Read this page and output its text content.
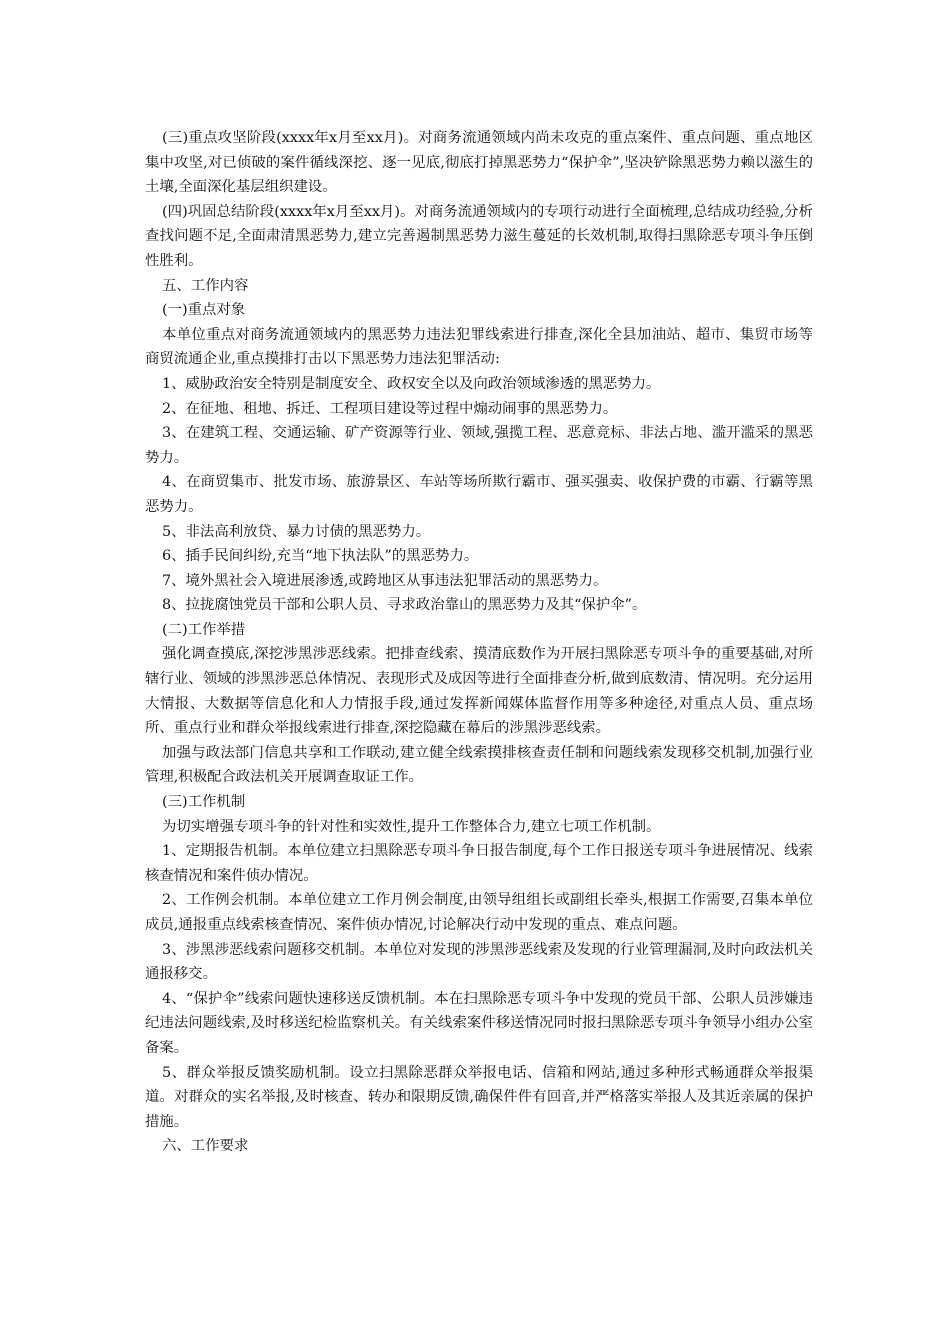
(三)重点攻坚阶段(xxxx年x月至xx月)。对商务流通领域内尚未攻克的重点案件、重点问题、重点地区集中攻坚,对已侦破的案件循线深挖、逐一见底,彻底打掉黑恶势力“保护伞”,坚决铲除黑恶势力赖以滋生的土壤,全面深化基层组织建设。

(四)巩固总结阶段(xxxx年x月至xx月)。对商务流通领域内的专项行动进行全面梳理,总结成功经验,分析查找问题不足,全面肃清黑恶势力,建立完善遏制黑恶势力滋生蔓延的长效机制,取得扫黑除恶专项斗争压倒性胜利。

五、工作内容

(一)重点对象

本单位重点对商务流通领域内的黑恶势力违法犯罪线索进行排查,深化全县加油站、超市、集贸市场等商贸流通企业,重点摸排打击以下黑恶势力违法犯罪活动:

1、威胁政治安全特别是制度安全、政权安全以及向政治领域渗透的黑恶势力。

2、在征地、租地、拆迁、工程项目建设等过程中煽动闹事的黑恶势力。

3、在建筑工程、交通运输、矿产资源等行业、领域,强揽工程、恶意竞标、非法占地、滥开滥采的黑恶势力。

4、在商贸集市、批发市场、旅游景区、车站等场所欺行霸市、强买强卖、收保护费的市霸、行霸等黑恶势力。

5、非法高利放贷、暴力讨债的黑恶势力。

6、插手民间纠纷,充当“地下执法队”的黑恶势力。

7、境外黑社会入境进展渗透,或跨地区从事违法犯罪活动的黑恶势力。

8、拉拢腐蚀党员干部和公职人员、寻求政治靠山的黑恶势力及其“保护伞”。

(二)工作举措

强化调查摸底,深挖涉黑涉恶线索。把排查线索、摸清底数作为开展扫黑除恶专项斗争的重要基础,对所辖行业、领域的涉黑涉恶总体情况、表现形式及成因等进行全面排查分析,做到底数清、情况明。充分运用大情报、大数据等信息化和人力情报手段,通过发挥新闻媒体监督作用等多种途径,对重点人员、重点场所、重点行业和群众举报线索进行排查,深挖隐藏在幕后的涉黑涉恶线索。

加强与政法部门信息共享和工作联动,建立健全线索摸排核查责任制和问题线索发现移交机制,加强行业管理,积极配合政法机关开展调查取证工作。

(三)工作机制

为切实增强专项斗争的针对性和实效性,提升工作整体合力,建立七项工作机制。

1、定期报告机制。本单位建立扫黑除恶专项斗争日报告制度,每个工作日报送专项斗争进展情况、线索核查情况和案件侦办情况。

2、工作例会机制。本单位建立工作月例会制度,由领导组组长或副组长牵头,根据工作需要,召集本单位成员,通报重点线索核查情况、案件侦办情况,讨论解决行动中发现的重点、难点问题。

3、涉黑涉恶线索问题移交机制。本单位对发现的涉黑涉恶线索及发现的行业管理漏洞,及时向政法机关通报移交。

4、“保护伞”线索问题快速移送反馈机制。本在扫黑除恶专项斗争中发现的党员干部、公职人员涉嫌违纪违法问题线索,及时移送纪检监察机关。有关线索案件移送情况同时报扫黑除恶专项斗争领导小组办公室备案。

5、群众举报反馈奖励机制。设立扫黑除恶群众举报电话、信箱和网站,通过多种形式畅通群众举报渠道。对群众的实名举报,及时核查、转办和限期反馈,确保件件有回音,并严格落实举报人及其近亲属的保护措施。

六、工作要求
